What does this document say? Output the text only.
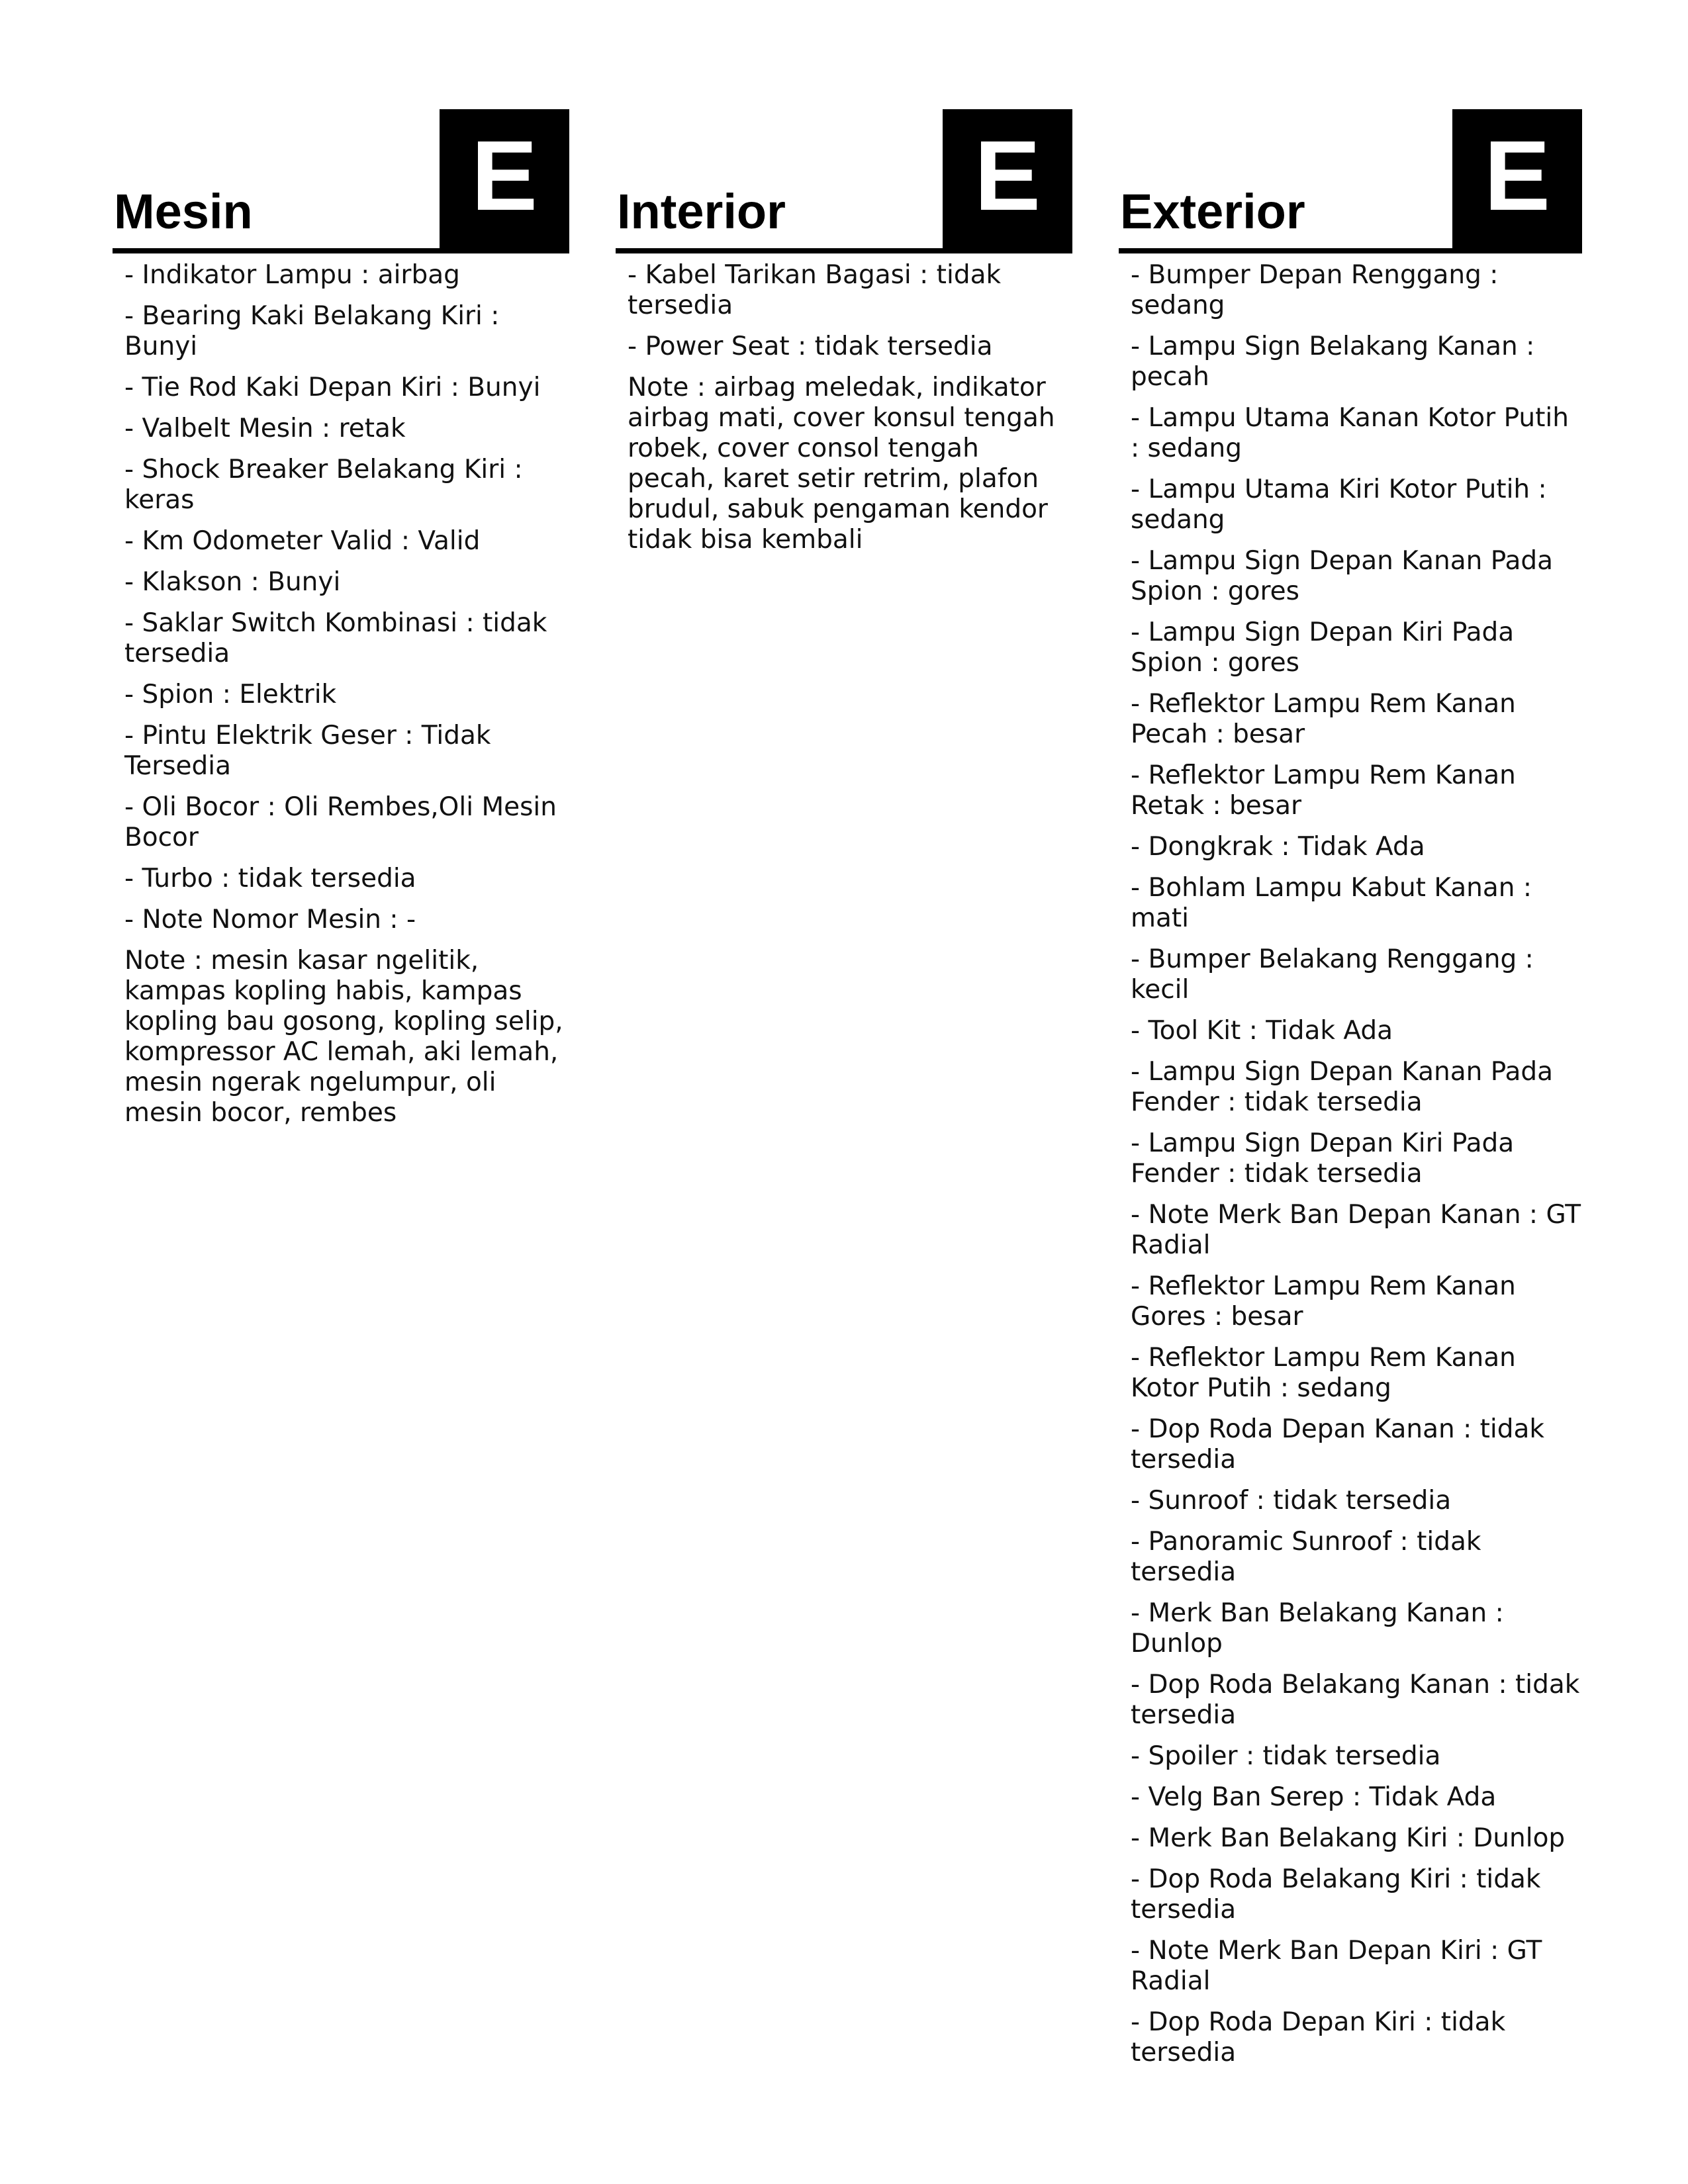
Mesin	E
- Indikator Lampu : airbag
- Bearing Kaki Belakang Kiri : Bunyi
- Tie Rod Kaki Depan Kiri : Bunyi
- Valbelt Mesin : retak
- Shock Breaker Belakang Kiri : keras
- Km Odometer Valid : Valid
- Klakson : Bunyi
- Saklar Switch Kombinasi : tidak tersedia
- Spion : Elektrik
- Pintu Elektrik Geser : Tidak Tersedia
- Oli Bocor : Oli Rembes,Oli Mesin Bocor
- Turbo : tidak tersedia
- Note Nomor Mesin : -

Note : mesin kasar ngelitik, kampas kopling habis, kampas kopling bau gosong, kopling selip, kompressor AC lemah, aki lemah, mesin ngerak ngelumpur, oli mesin bocor, rembes

Interior	E
- Kabel Tarikan Bagasi : tidak tersedia
- Power Seat : tidak tersedia

Note : airbag meledak, indikator airbag mati, cover konsul tengah robek, cover consol tengah pecah, karet setir retrim, plafon brudul, sabuk pengaman kendor tidak bisa kembali

Exterior	E
- Bumper Depan Renggang : sedang
- Lampu Sign Belakang Kanan : pecah
- Lampu Utama Kanan Kotor Putih : sedang
- Lampu Utama Kiri Kotor Putih : sedang
- Lampu Sign Depan Kanan Pada Spion : gores
- Lampu Sign Depan Kiri Pada Spion : gores
- Reflektor Lampu Rem Kanan Pecah : besar
- Reflektor Lampu Rem Kanan Retak : besar
- Dongkrak : Tidak Ada
- Bohlam Lampu Kabut Kanan : mati
- Bumper Belakang Renggang : kecil
- Tool Kit : Tidak Ada
- Lampu Sign Depan Kanan Pada Fender : tidak tersedia
- Lampu Sign Depan Kiri Pada Fender : tidak tersedia
- Note Merk Ban Depan Kanan : GT Radial
- Reflektor Lampu Rem Kanan Gores : besar
- Reflektor Lampu Rem Kanan Kotor Putih : sedang
- Dop Roda Depan Kanan : tidak tersedia
- Sunroof : tidak tersedia
- Panoramic Sunroof : tidak tersedia
- Merk Ban Belakang Kanan : Dunlop
- Dop Roda Belakang Kanan : tidak tersedia
- Spoiler : tidak tersedia
- Velg Ban Serep : Tidak Ada
- Merk Ban Belakang Kiri : Dunlop
- Dop Roda Belakang Kiri : tidak tersedia
- Note Merk Ban Depan Kiri : GT Radial
- Dop Roda Depan Kiri : tidak tersedia
